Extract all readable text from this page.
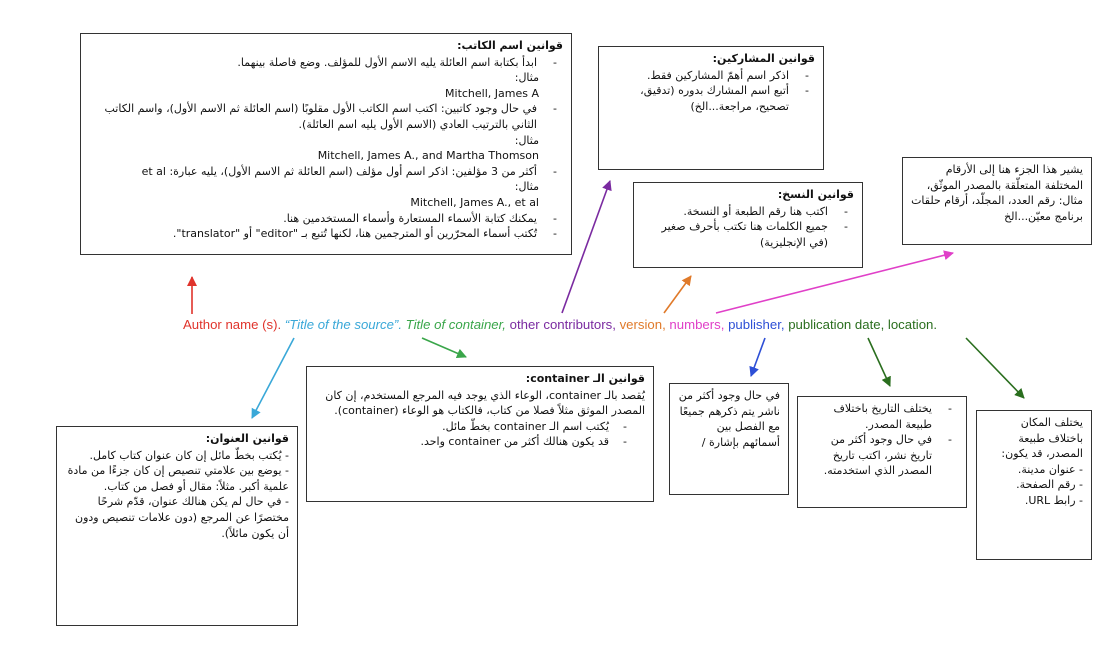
قوانين اسم الكاتب:
- ابدأ بكتابة اسم العائلة يليه الاسم الأول للمؤلف. وضع فاصلة بينهما.
مثال:
Mitchell, James A
- في حال وجود كاتبين: اكتب اسم الكاتب الأول مقلوبًا (اسم العائلة ثم الاسم الأول)، واسم الكاتب الثاني بالترتيب العادي (الاسم الأول يليه اسم العائلة).
مثال:
Mitchell, James A., and Martha Thomson
- أكثر من 3 مؤلفين: اذكر اسم أول مؤلف (اسم العائلة ثم الاسم الأول)، يليه عبارة: et al
مثال:
Mitchell, James A., et al
- يمكنك كتابة الأسماء المستعارة وأسماء المستخدمين هنا.
- تُكتب أسماء المحرّرين أو المترجمين هنا، لكنها تُتبع بـ "editor" أو "translator".
قوانين المشاركين:
- اذكر اسم أهمّ المشاركين فقط.
- أتبع اسم المشارك بدوره (تدقيق، تصحيح، مراجعة...الخ)
قوانين النسخ:
- اكتب هنا رقم الطبعة أو النسخة.
- جميع الكلمات هنا تكتب بأحرف صغير (في الإنجليزية)
يشير هذا الجزء هنا إلى الأرقام المختلفة المتعلّقة بالمصدر الموثّق، مثال: رقم العدد، المجلّد، أرقام حلقات برنامج معيّن...الخ
Author name (s). “Title of the source”. Title of container, other contributors, version, numbers, publisher, publication date, location.
قوانين العنوان:
- يُكتب بخطّ مائل إن كان عنوان كتاب كامل.
- يوضع بين علامتي تنصيص إن كان جزءًا من مادة علمية أكبر. مثلاً: مقال أو فصل من كتاب.
- في حال لم يكن هنالك عنوان، قدّم شرحًا مختصرًا عن المرجع (دون علامات تنصيص ودون أن يكون مائلاً).
قوانين الـ container:
يُقصد بالـ container، الوعاء الذي يوجد فيه المرجع المستخدم، إن كان المصدر الموثق مثلاً فصلا من كتاب، فالكتاب هو الوعاء (container).
- يُكتب اسم الـ container بخطّ مائل.
- قد يكون هنالك أكثر من container واحد.
في حال وجود أكثر من ناشر يتم ذكرهم جميعًا مع الفصل بين أسمائهم بإشارة /
- يختلف التاريخ باختلاف طبيعة المصدر.
- في حال وجود أكثر من تاريخ نشر، اكتب تاريخ المصدر الذي استخدمته.
يختلف المكان باختلاف طبيعة المصدر، قد يكون:
- عنوان مدينة.
- رقم الصفحة.
- رابط URL.
